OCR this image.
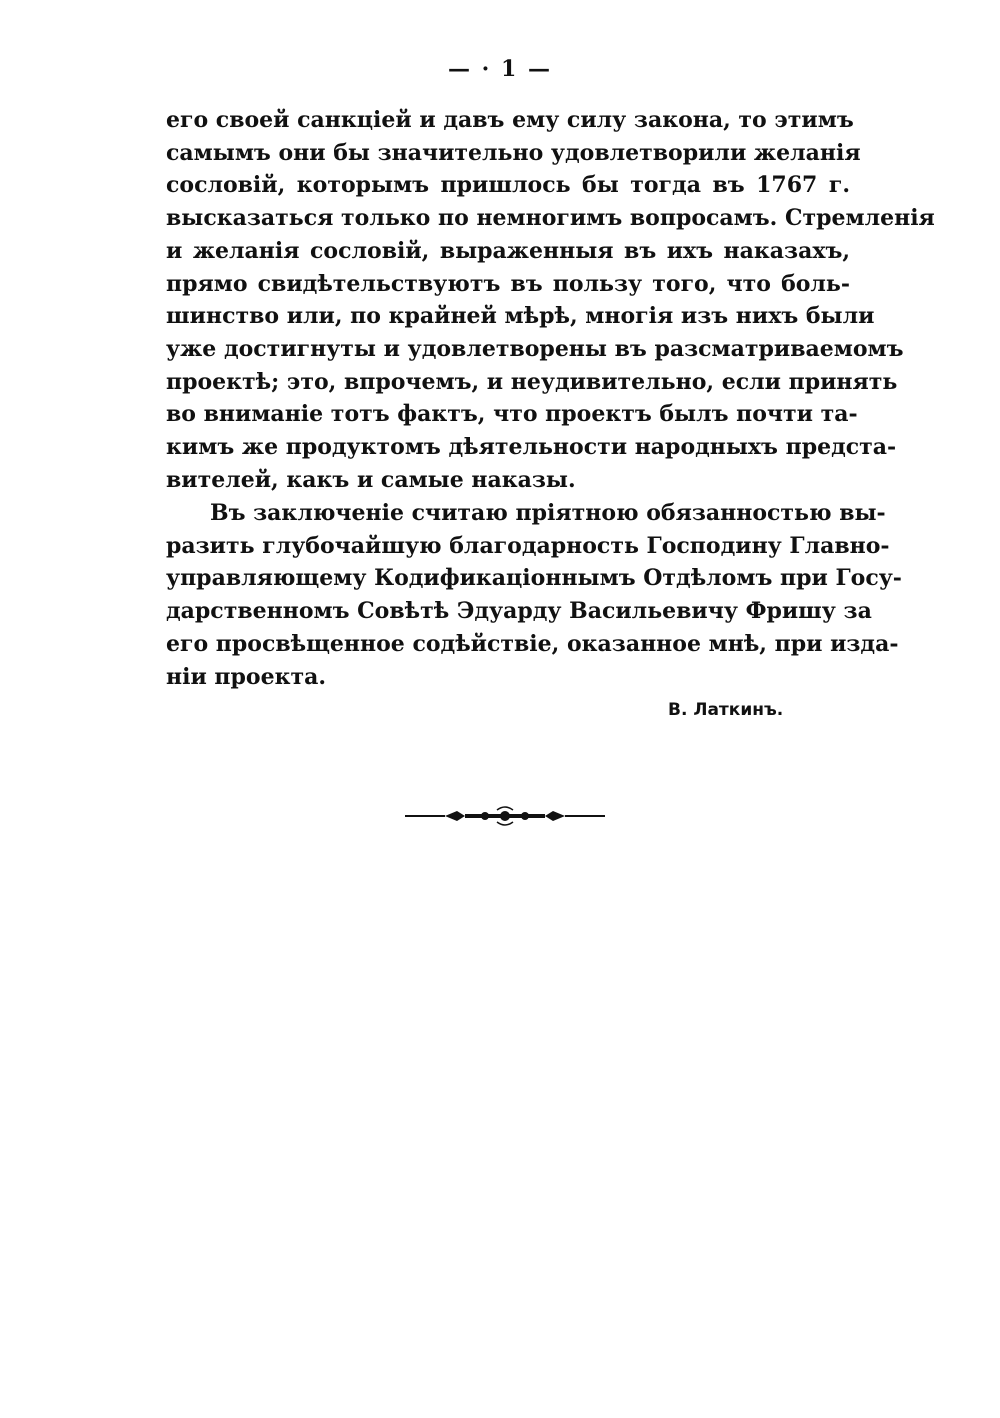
— · 1 —
его своей санкціей и давъ ему силу закона, то этимъ
самымъ они бы значительно удовлетворили желанія
сословій, которымъ пришлось бы тогда въ 1767 г.
высказаться только по немногимъ вопросамъ. Стремленія
и желанія сословій, выраженныя въ ихъ наказахъ,
прямо свидѣтельствуютъ въ пользу того, что боль-
шинство или, по крайней мѣрѣ, многія изъ нихъ были
уже достигнуты и удовлетворены въ разсматриваемомъ
проектѣ; это, впрочемъ, и неудивительно, если принять
во вниманіе тотъ фактъ, что проектъ былъ почти та-
кимъ же продуктомъ дѣятельности народныхъ предста-
вителей, какъ и самые наказы.
Въ заключеніе считаю пріятною обязанностью вы-
разить глубочайшую благодарность Господину Главно-
управляющему Кодификаціоннымъ Отдѣломъ при Госу-
дарственномъ Совѣтѣ Эдуарду Васильевичу Фришу за
его просвѣщенное содѣйствіе, оказанное мнѣ, при изда-
ніи проекта.
В. Латкинъ.
